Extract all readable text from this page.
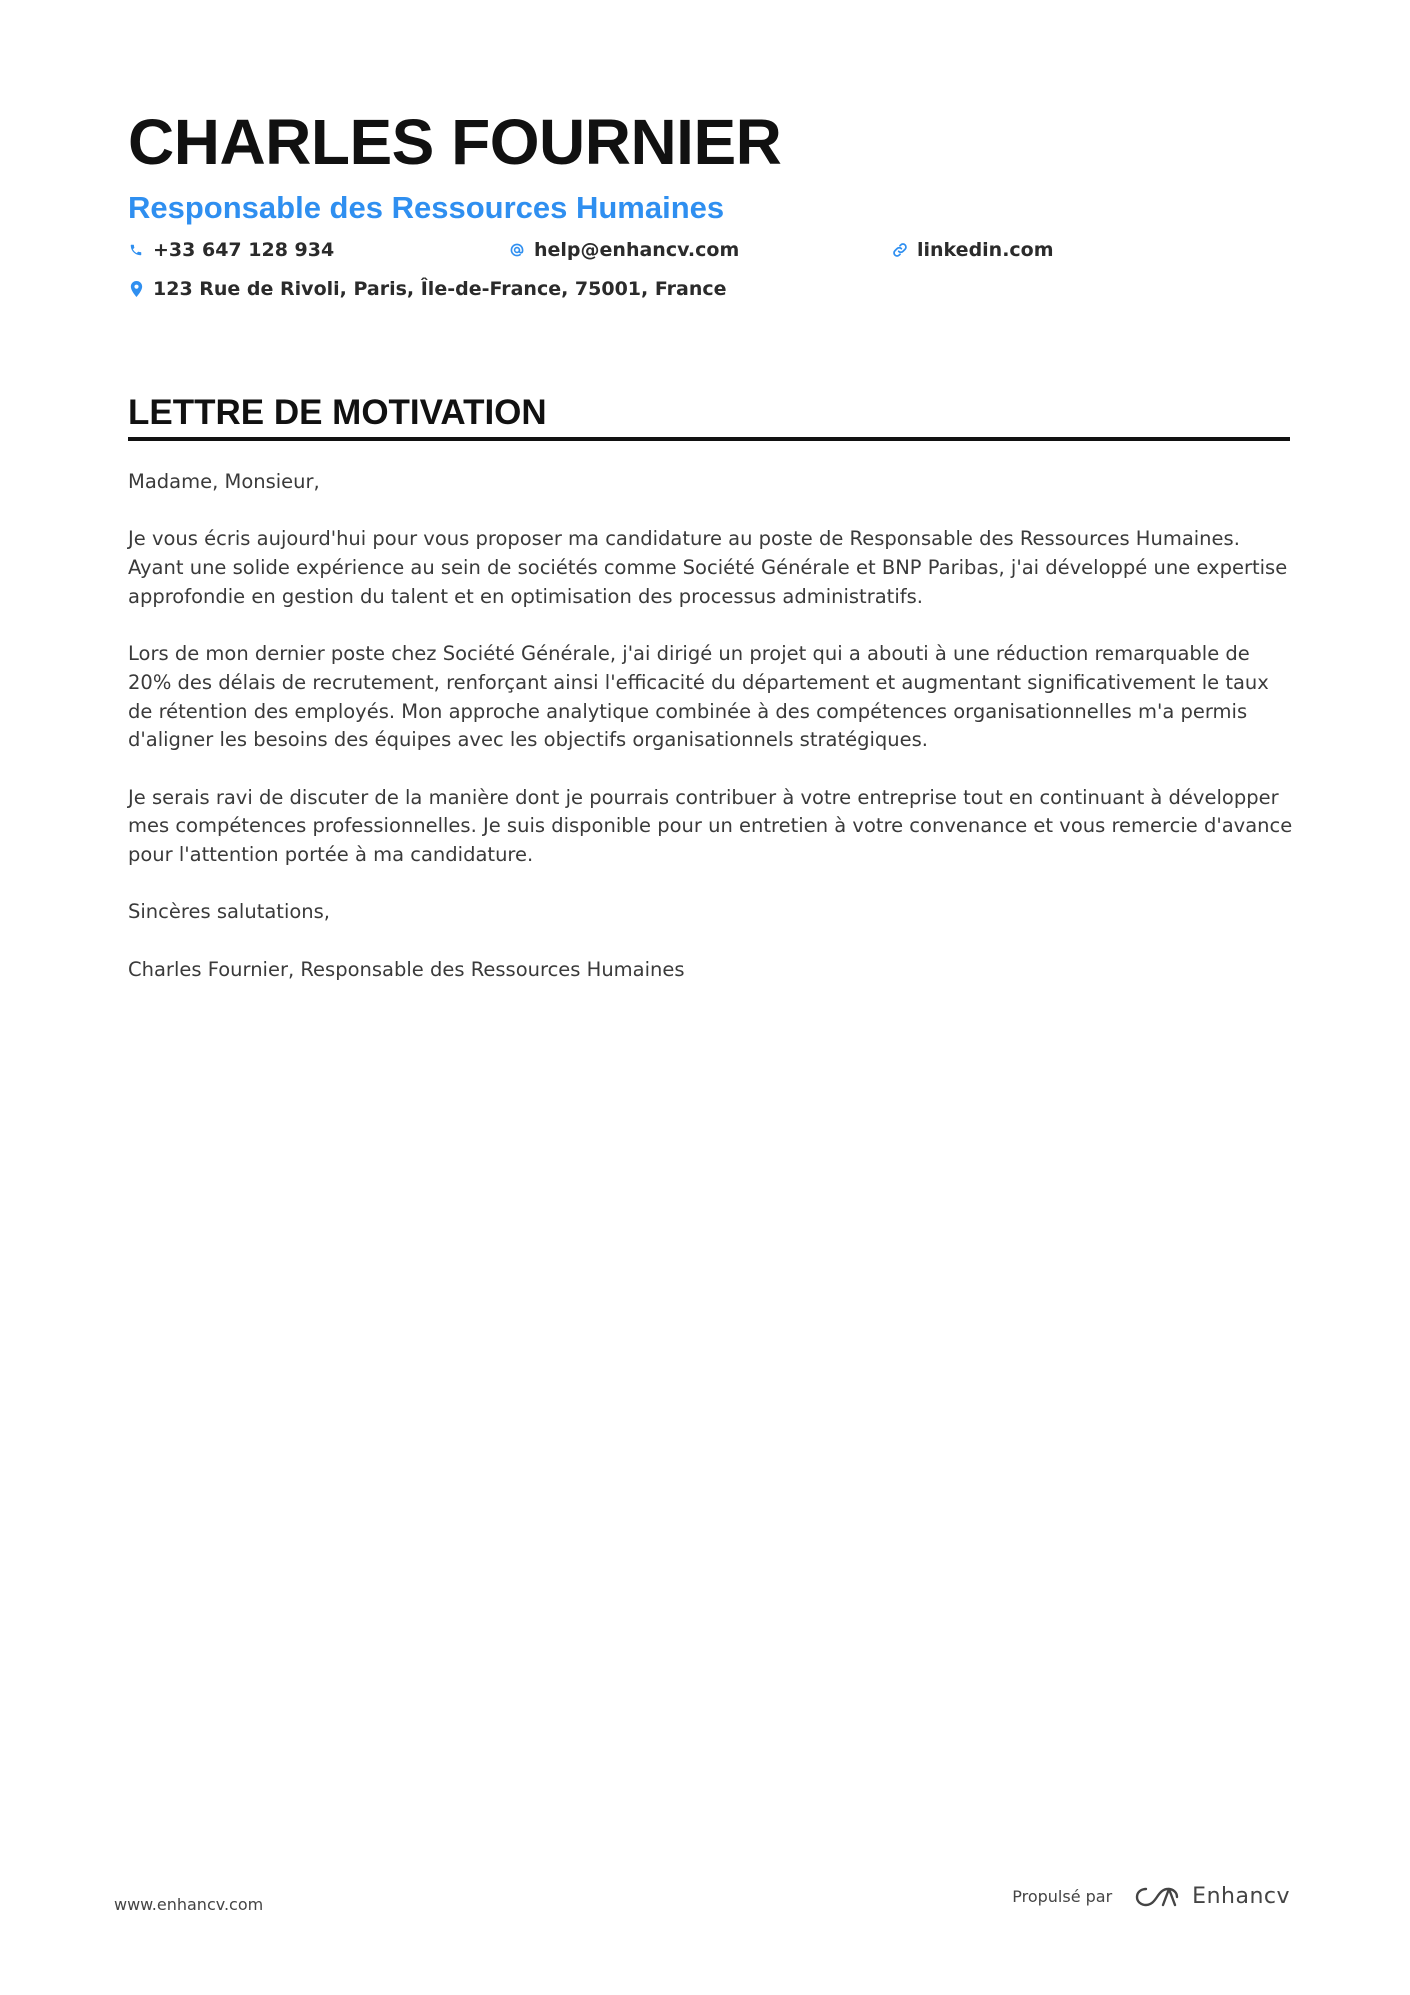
CHARLES FOURNIER
Responsable des Ressources Humaines
+33 647 128 934	help@enhancv.com	linkedin.com
123 Rue de Rivoli, Paris, Île-de-France, 75001, France
LETTRE DE MOTIVATION

Madame, Monsieur,

Je vous écris aujourd'hui pour vous proposer ma candidature au poste de Responsable des Ressources Humaines. Ayant une solide expérience au sein de sociétés comme Société Générale et BNP Paribas, j'ai développé une expertise approfondie en gestion du talent et en optimisation des processus administratifs.

Lors de mon dernier poste chez Société Générale, j'ai dirigé un projet qui a abouti à une réduction remarquable de 20% des délais de recrutement, renforçant ainsi l'efficacité du département et augmentant significativement le taux de rétention des employés. Mon approche analytique combinée à des compétences organisationnelles m'a permis d'aligner les besoins des équipes avec les objectifs organisationnels stratégiques.

Je serais ravi de discuter de la manière dont je pourrais contribuer à votre entreprise tout en continuant à développer mes compétences professionnelles. Je suis disponible pour un entretien à votre convenance et vous remercie d'avance pour l'attention portée à ma candidature.

Sincères salutations,

Charles Fournier, Responsable des Ressources Humaines

www.enhancv.com	Propulsé par	Enhancv
